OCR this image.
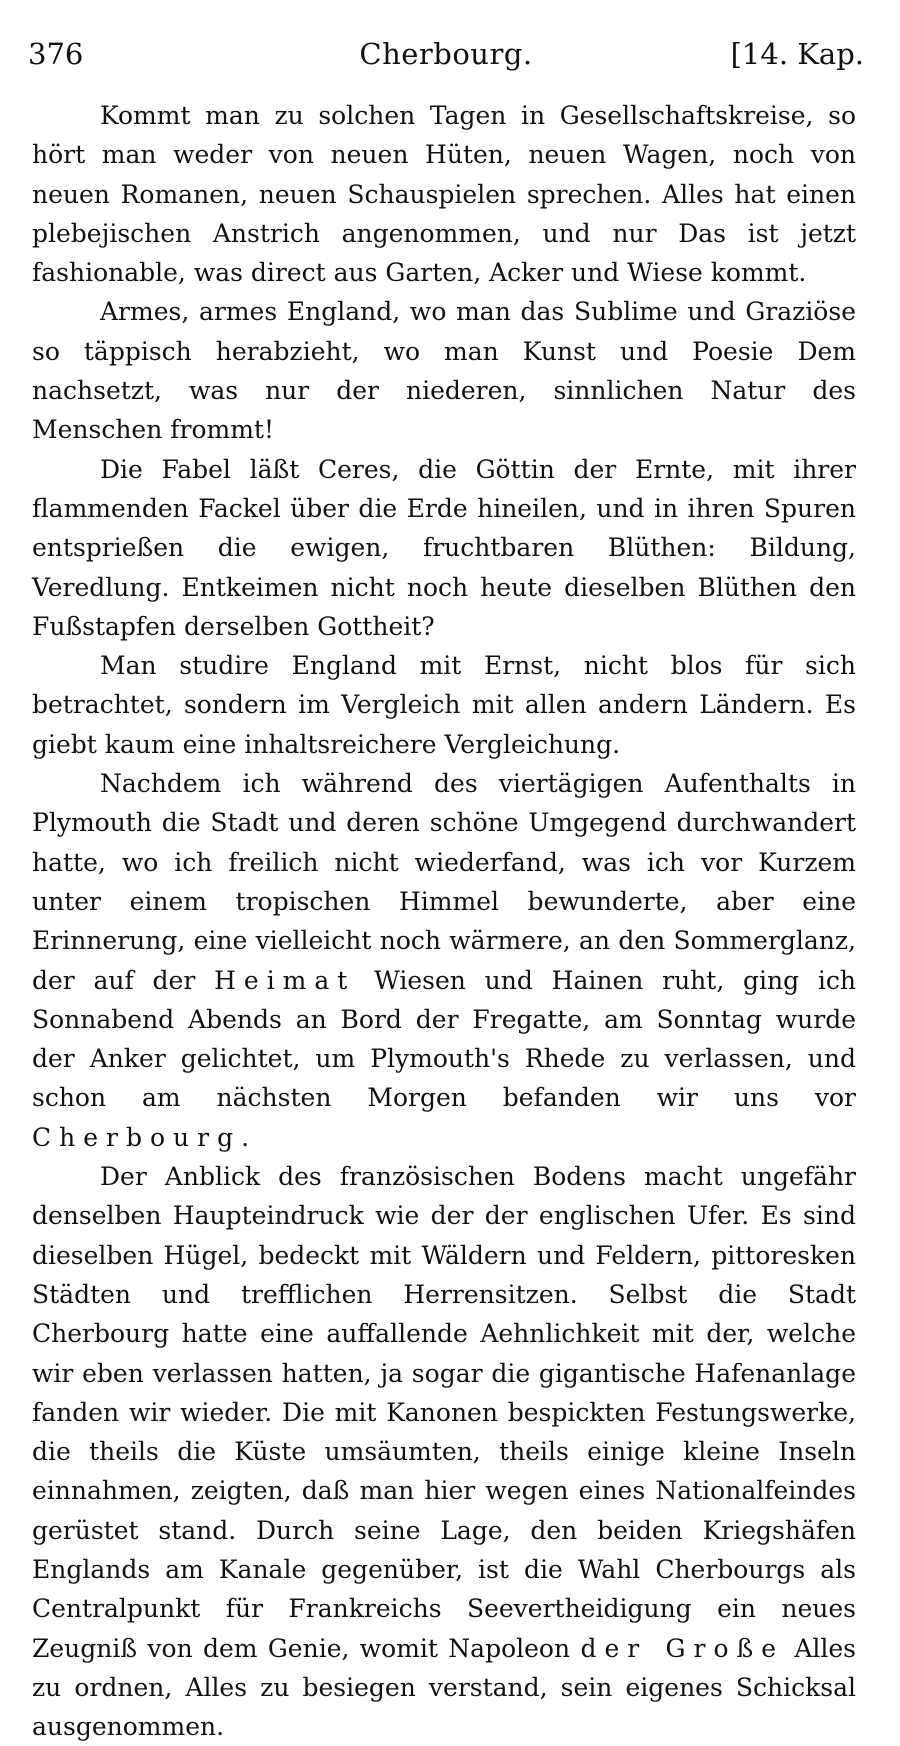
376	Cherbourg.	[14. Kap.

Kommt man zu solchen Tagen in Gesellschaftskreise, so hört man weder von neuen Hüten, neuen Wagen, noch von neuen Romanen, neuen Schauspielen sprechen. Alles hat einen plebejischen Anstrich angenommen, und nur Das ist jetzt fashionable, was direct aus Garten, Acker und Wiese kommt.

Armes, armes England, wo man das Sublime und Graziöse so täppisch herabzieht, wo man Kunst und Poesie Dem nachsetzt, was nur der niederen, sinnlichen Natur des Menschen frommt!

Die Fabel läßt Ceres, die Göttin der Ernte, mit ihrer flammenden Fackel über die Erde hineilen, und in ihren Spuren entsprießen die ewigen, fruchtbaren Blüthen: Bildung, Veredlung. Entkeimen nicht noch heute dieselben Blüthen den Fußstapfen derselben Gottheit?

Man studire England mit Ernst, nicht blos für sich betrachtet, sondern im Vergleich mit allen andern Ländern. Es giebt kaum eine inhaltsreichere Vergleichung.

Nachdem ich während des viertägigen Aufenthalts in Plymouth die Stadt und deren schöne Umgegend durchwandert hatte, wo ich freilich nicht wiederfand, was ich vor Kurzem unter einem tropischen Himmel bewunderte, aber eine Erinnerung, eine vielleicht noch wärmere, an den Sommerglanz, der auf der Heimat Wiesen und Hainen ruht, ging ich Sonnabend Abends an Bord der Fregatte, am Sonntag wurde der Anker gelichtet, um Plymouth's Rhede zu verlassen, und schon am nächsten Morgen befanden wir uns vor Cherbourg.

Der Anblick des französischen Bodens macht ungefähr denselben Haupteindruck wie der der englischen Ufer. Es sind dieselben Hügel, bedeckt mit Wäldern und Feldern, pittoresken Städten und trefflichen Herrensitzen. Selbst die Stadt Cherbourg hatte eine auffallende Aehnlichkeit mit der, welche wir eben verlassen hatten, ja sogar die gigantische Hafenanlage fanden wir wieder. Die mit Kanonen bespickten Festungswerke, die theils die Küste umsäumten, theils einige kleine Inseln einnahmen, zeigten, daß man hier wegen eines Nationalfeindes gerüstet stand. Durch seine Lage, den beiden Kriegshäfen Englands am Kanale gegenüber, ist die Wahl Cherbourgs als Centralpunkt für Frankreichs Seevertheidigung ein neues Zeugniß von dem Genie, womit Napoleon der Große Alles zu ordnen, Alles zu besiegen verstand, sein eigenes Schicksal ausgenommen.
